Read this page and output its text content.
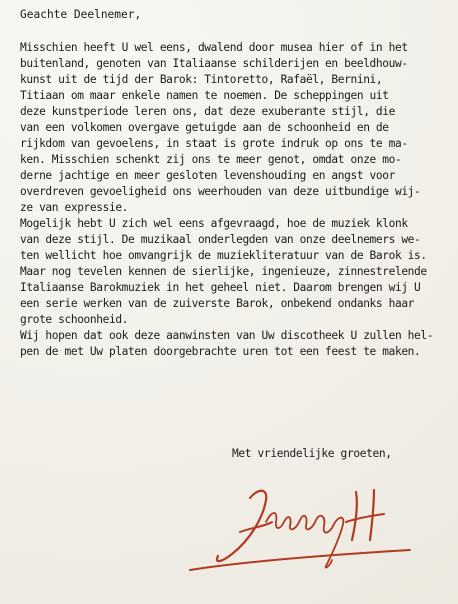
Geachte Deelnemer,
Misschien heeft U wel eens, dwalend door musea hier of in het
buitenland, genoten van Italiaanse schilderijen en beeldhouw-
kunst uit de tijd der Barok: Tintoretto, Rafaël, Bernini,
Titiaan om maar enkele namen te noemen. De scheppingen uit
deze kunstperiode leren ons, dat deze exuberante stijl, die
van een volkomen overgave getuigde aan de schoonheid en de
rijkdom van gevoelens, in staat is grote indruk op ons te ma-
ken. Misschien schenkt zij ons te meer genot, omdat onze mo-
derne jachtige en meer gesloten levenshouding en angst voor
overdreven gevoeligheid ons weerhouden van deze uitbundige wij-
ze van expressie.
Mogelijk hebt U zich wel eens afgevraagd, hoe de muziek klonk
van deze stijl. De muzikaal onderlegden van onze deelnemers we-
ten wellicht hoe omvangrijk de muziekliteratuur van de Barok is.
Maar nog tevelen kennen de sierlijke, ingenieuze, zinnestrelende
Italiaanse Barokmuziek in het geheel niet. Daarom brengen wij U
een serie werken van de zuiverste Barok, onbekend ondanks haar
grote schoonheid.
Wij hopen dat ook deze aanwinsten van Uw discotheek U zullen hel-
pen de met Uw platen doorgebrachte uren tot een feest te maken.
Met vriendelijke groeten,
